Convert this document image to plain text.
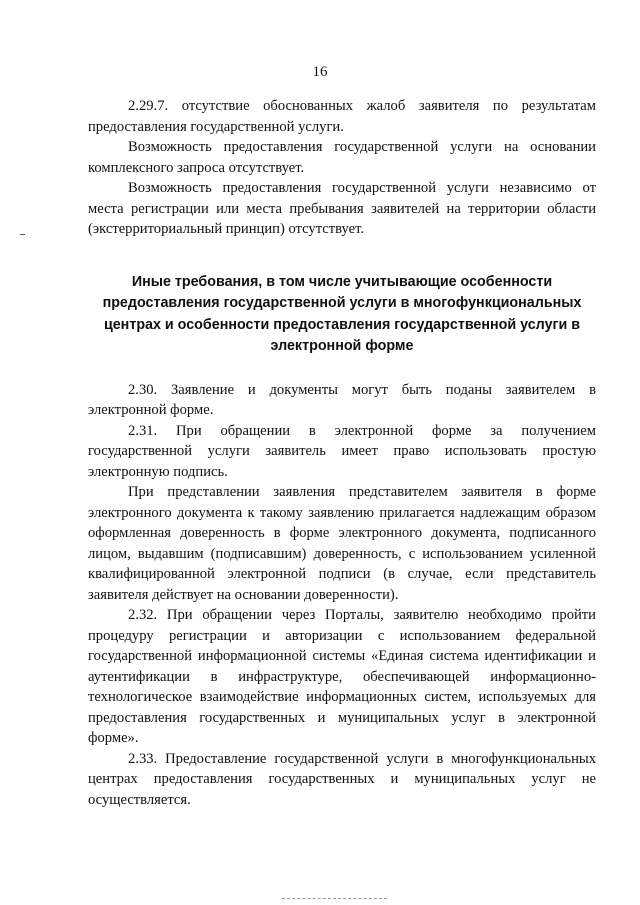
16

2.29.7. отсутствие обоснованных жалоб заявителя по результатам предоставления государственной услуги.

Возможность предоставления государственной услуги на основании комплексного запроса отсутствует.

Возможность предоставления государственной услуги независимо от места регистрации или места пребывания заявителей на территории области (экстерриториальный принцип) отсутствует.

Иные требования, в том числе учитывающие особенности предоставления государственной услуги в многофункциональных центрах и особенности предоставления государственной услуги в электронной форме

2.30. Заявление и документы могут быть поданы заявителем в электронной форме.

2.31. При обращении в электронной форме за получением государственной услуги заявитель имеет право использовать простую электронную подпись.

При представлении заявления представителем заявителя в форме электронного документа к такому заявлению прилагается надлежащим образом оформленная доверенность в форме электронного документа, подписанного лицом, выдавшим (подписавшим) доверенность, с использованием усиленной квалифицированной электронной подписи (в случае, если представитель заявителя действует на основании доверенности).

2.32. При обращении через Порталы, заявителю необходимо пройти процедуру регистрации и авторизации с использованием федеральной государственной информационной системы «Единая система идентификации и аутентификации в инфраструктуре, обеспечивающей информационно-технологическое взаимодействие информационных систем, используемых для предоставления государственных и муниципальных услуг в электронной форме».

2.33. Предоставление государственной услуги в многофункциональных центрах предоставления государственных и муниципальных услуг не осуществляется.
